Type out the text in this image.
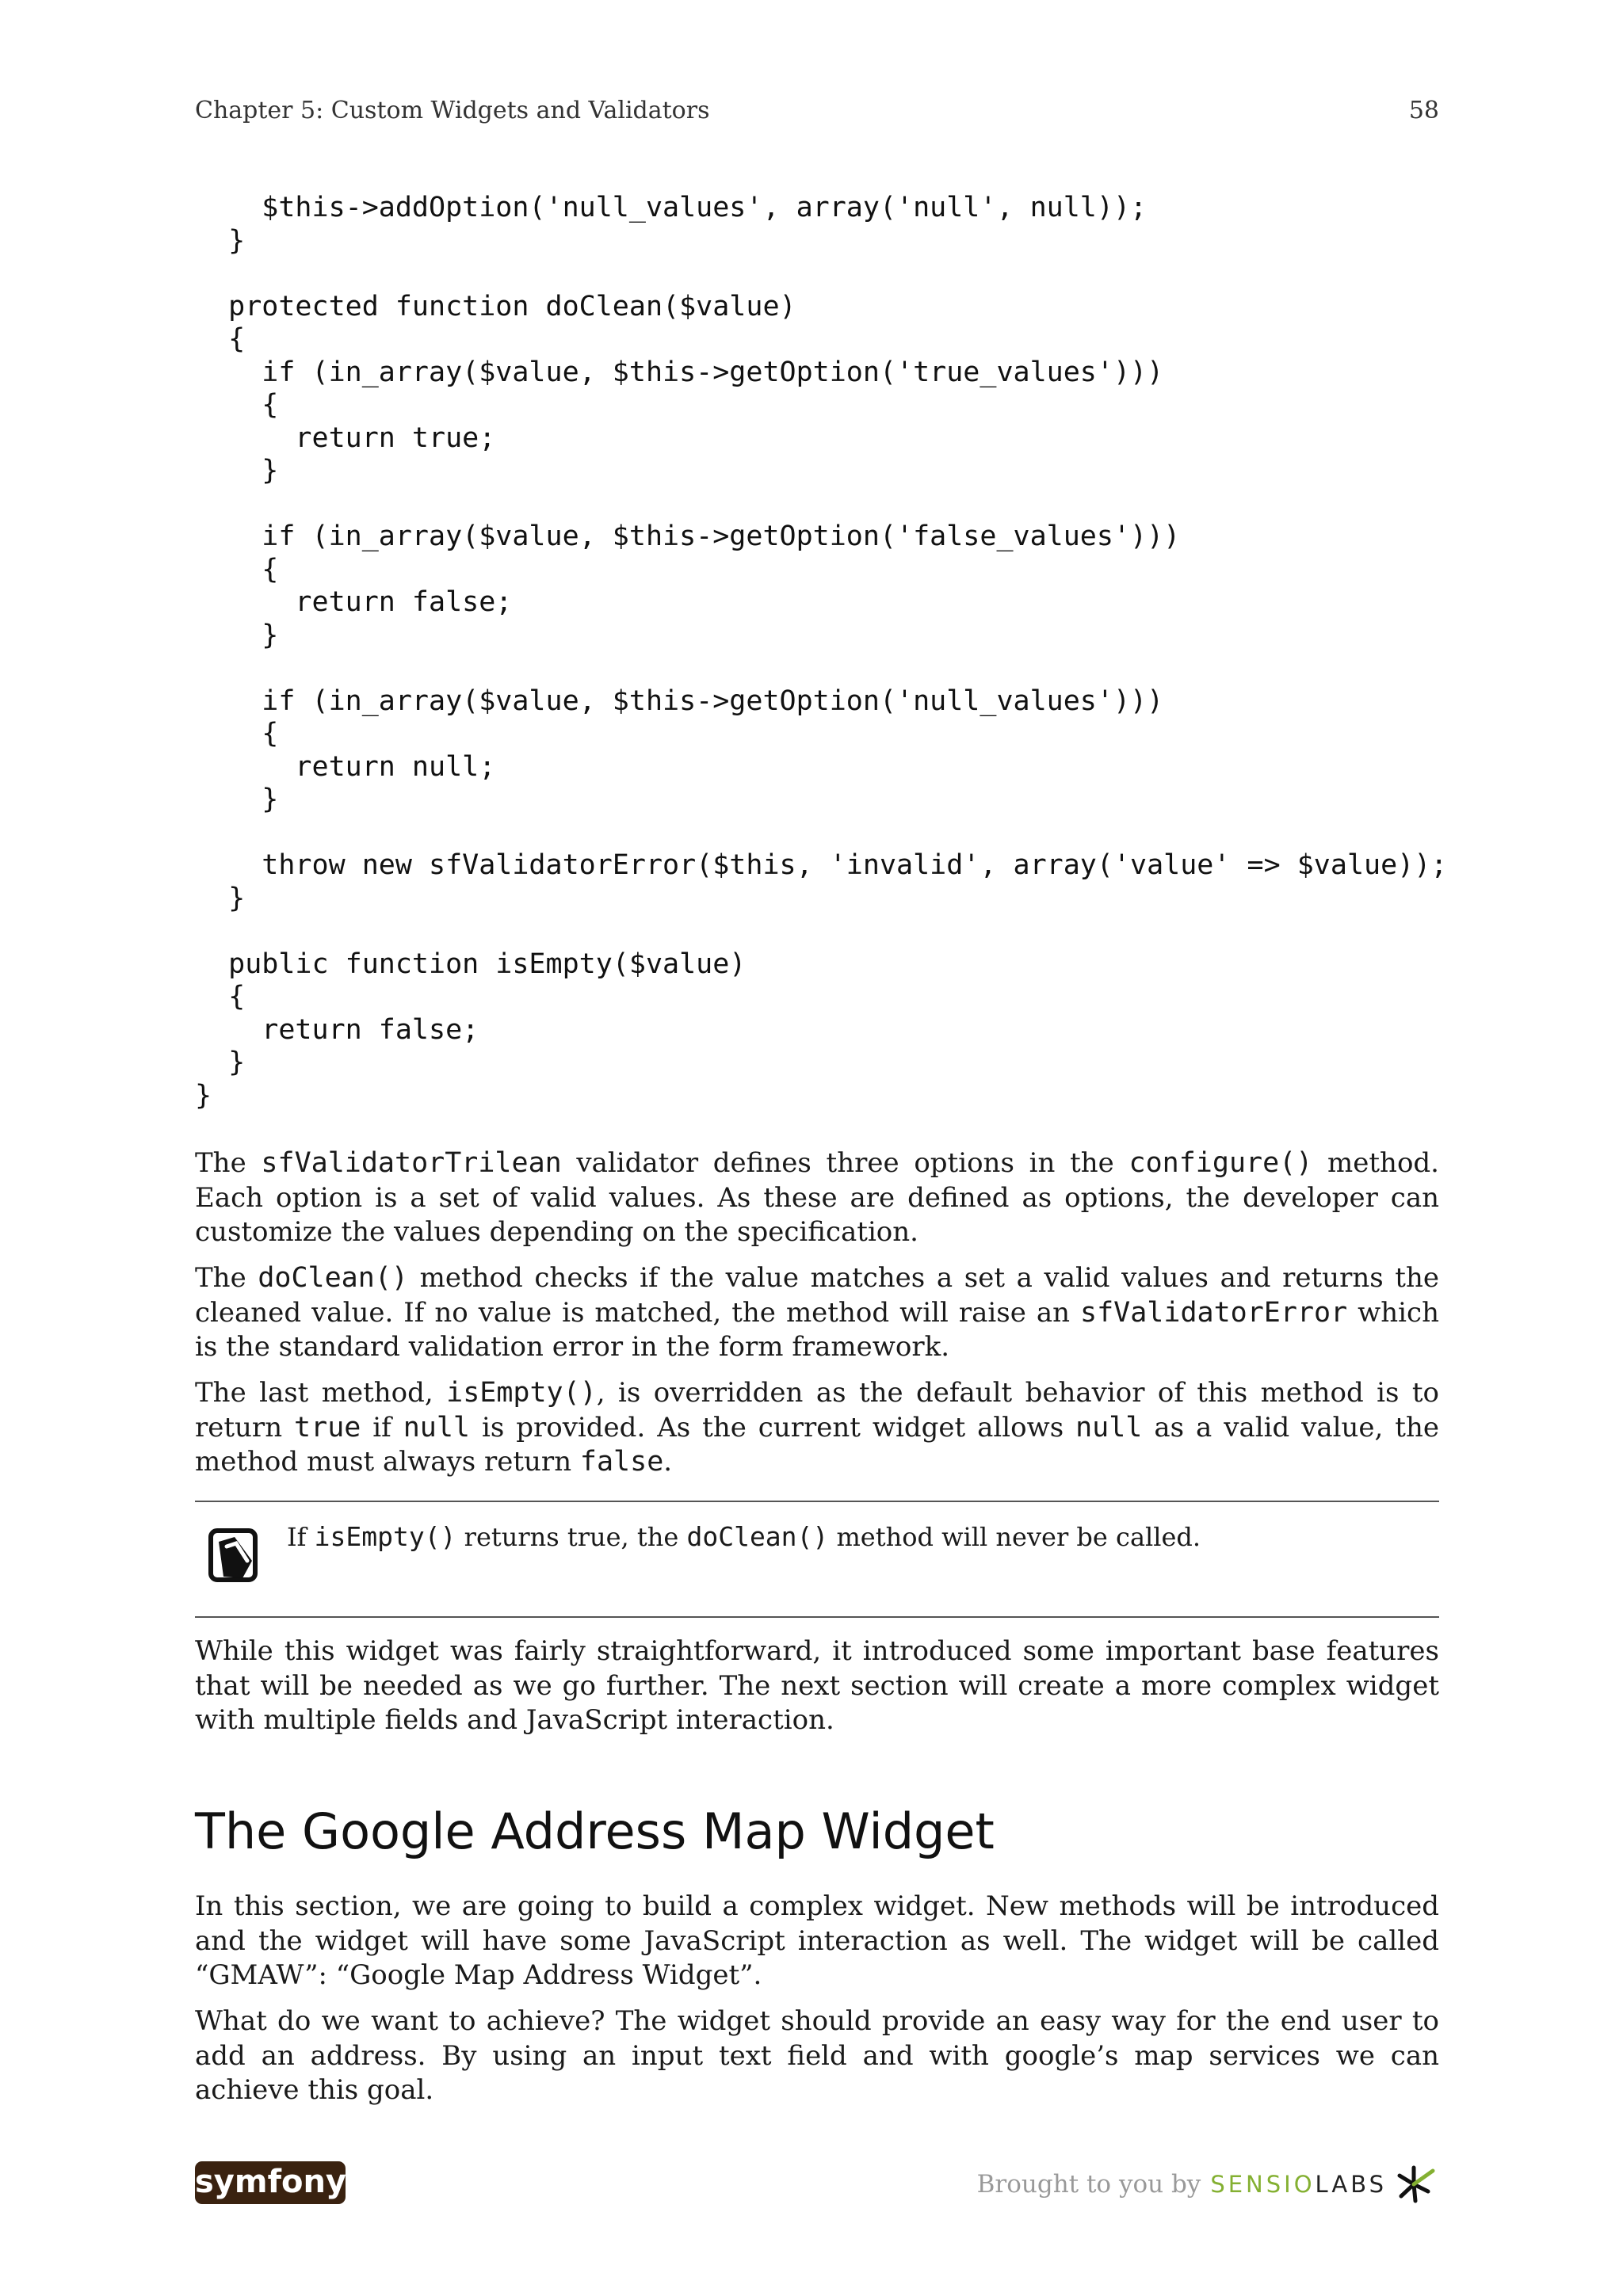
Chapter 5: Custom Widgets and Validators	58
$this->addOption('null_values', array('null', null));
}

protected function doClean($value)
{
if (in_array($value, $this->getOption('true_values')))
{
return true;
}

if (in_array($value, $this->getOption('false_values')))
{
return false;
}

if (in_array($value, $this->getOption('null_values')))
{
return null;
}

throw new sfValidatorError($this, 'invalid', array('value' => $value));
}

public function isEmpty($value)
{
return false;
}
}

The sfValidatorTrilean validator defines three options in the configure() method. Each option is a set of valid values. As these are defined as options, the developer can customize the values depending on the specification.

The doClean() method checks if the value matches a set a valid values and returns the cleaned value. If no value is matched, the method will raise an sfValidatorError which is the standard validation error in the form framework.

The last method, isEmpty(), is overridden as the default behavior of this method is to return true if null is provided. As the current widget allows null as a valid value, the method must always return false.

If isEmpty() returns true, the doClean() method will never be called.

While this widget was fairly straightforward, it introduced some important base features that will be needed as we go further. The next section will create a more complex widget with multiple fields and JavaScript interaction.

The Google Address Map Widget

In this section, we are going to build a complex widget. New methods will be introduced and the widget will have some JavaScript interaction as well. The widget will be called “GMAW”: “Google Map Address Widget”.

What do we want to achieve? The widget should provide an easy way for the end user to add an address. By using an input text field and with google’s map services we can achieve this goal.

symfony	Brought to you by SENSIO LABS
